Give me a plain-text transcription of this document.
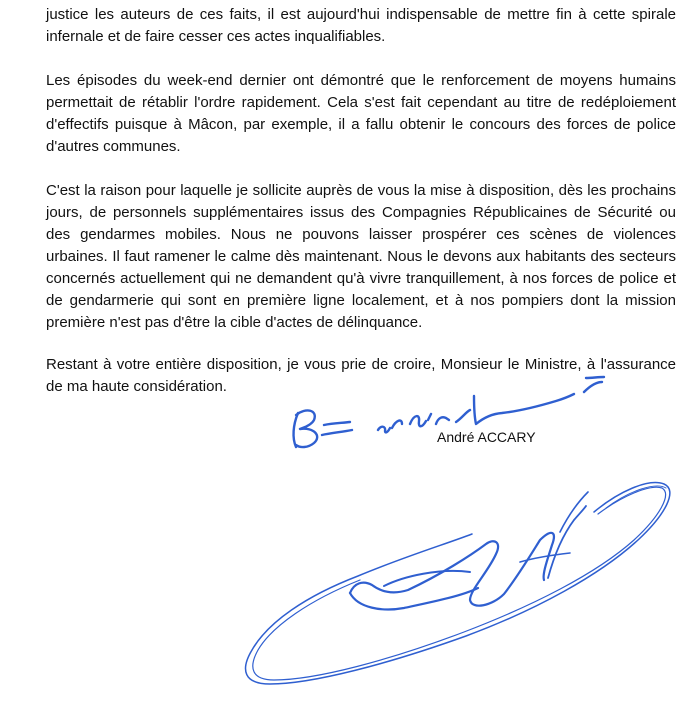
justice les auteurs de ces faits, il est aujourd'hui indispensable de mettre fin à cette spirale infernale et de faire cesser ces actes inqualifiables.

Les épisodes du week-end dernier ont démontré que le renforcement de moyens humains permettait de rétablir l'ordre rapidement. Cela s'est fait cependant au titre de redéploiement d'effectifs puisque à Mâcon, par exemple, il a fallu obtenir le concours des forces de police d'autres communes.

C'est la raison pour laquelle je sollicite auprès de vous la mise à disposition, dès les prochains jours, de personnels supplémentaires issus des Compagnies Républicaines de Sécurité ou des gendarmes mobiles. Nous ne pouvons laisser prospérer ces scènes de violences urbaines. Il faut ramener le calme dès maintenant. Nous le devons aux habitants des secteurs concernés actuellement qui ne demandent qu'à vivre tranquillement, à nos forces de police et de gendarmerie qui sont en première ligne localement, et à nos pompiers dont la mission première n'est pas d'être la cible d'actes de délinquance.

Restant à votre entière disposition, je vous prie de croire, Monsieur le Ministre, à l'assurance de ma haute considération.

André ACCARY
